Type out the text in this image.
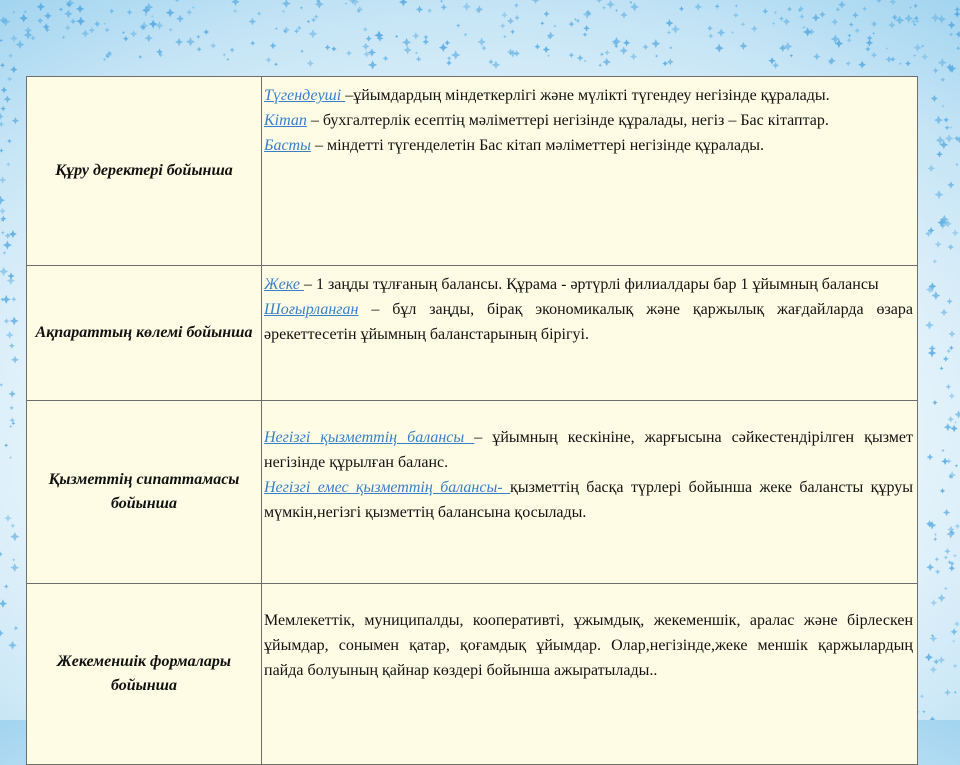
Құру деректері бойынша	Түгендеуші –ұйымдардың міндеткерлігі және мүлікті түгендеу негізінде құралады.

Кітап – бухгалтерлік есептің мәліметтері негізінде құралады, негіз – Бас кітаптар.

Басты – міндетті түгенделетін Бас кітап мәліметтері негізінде құралады.

Ақпараттың көлемі бойынша	Жеке – 1 заңды тұлғаның балансы. Құрама - әртүрлі филиалдары бар 1 ұйымның балансы

Шоғырланған – бұл заңды, бірақ экономикалық және қаржылық жағдайларда өзара әрекеттесетін ұйымның баланстарының бірігуі.

Қызметтің сипаттамасы бойынша	Негізгі қызметтің балансы – ұйымның кескініне, жарғысына сәйкестендірілген қызмет негізінде құрылған баланс.

Негізгі емес қызметтің балансы- қызметтің басқа түрлері бойынша жеке балансты құруы мүмкін,негізгі қызметтің балансына қосылады.

Жекеменшік формалары бойынша	Мемлекеттік, муниципалды, кооперативті, ұжымдық, жекеменшік, аралас және бірлескен ұйымдар, сонымен қатар, қоғамдық ұйымдар. Олар,негізінде,жеке меншік қаржылардың пайда болуының қайнар көздері бойынша ажыратылады..
